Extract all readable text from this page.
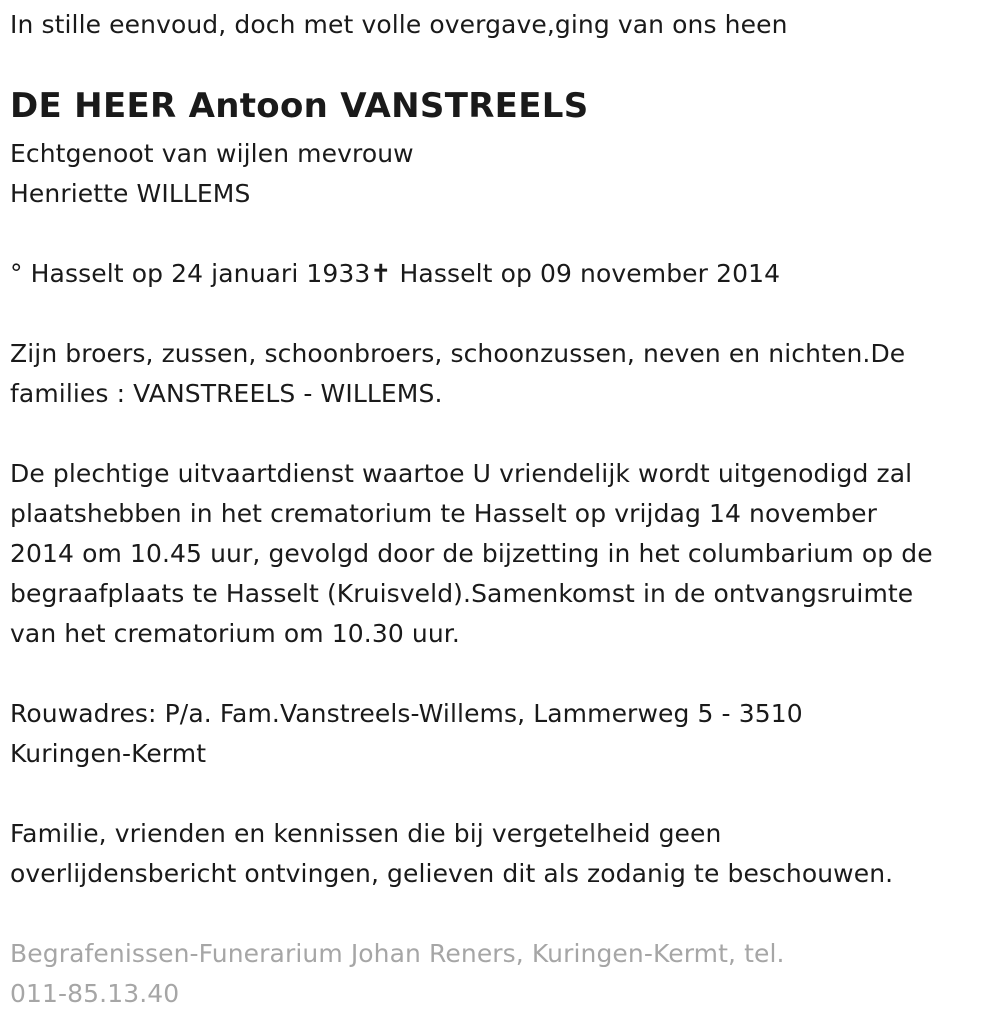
In stille eenvoud, doch met volle overgave,ging van ons heen
DE HEER Antoon VANSTREELS
Echtgenoot van wijlen mevrouw
Henriette WILLEMS
° Hasselt op 24 januari 1933✝ Hasselt op 09 november 2014
Zijn broers, zussen, schoonbroers, schoonzussen, neven en nichten.De
families : VANSTREELS - WILLEMS.
De plechtige uitvaartdienst waartoe U vriendelijk wordt uitgenodigd zal
plaatshebben in het crematorium te Hasselt op vrijdag 14 november
2014 om 10.45 uur, gevolgd door de bijzetting in het columbarium op de
begraafplaats te Hasselt (Kruisveld).Samenkomst in de ontvangsruimte
van het crematorium om 10.30 uur.
Rouwadres: P/a. Fam.Vanstreels-Willems, Lammerweg 5 - 3510
Kuringen-Kermt
Familie, vrienden en kennissen die bij vergetelheid geen
overlijdensbericht ontvingen, gelieven dit als zodanig te beschouwen.
Begrafenissen-Funerarium Johan Reners, Kuringen-Kermt, tel.
011-85.13.40
